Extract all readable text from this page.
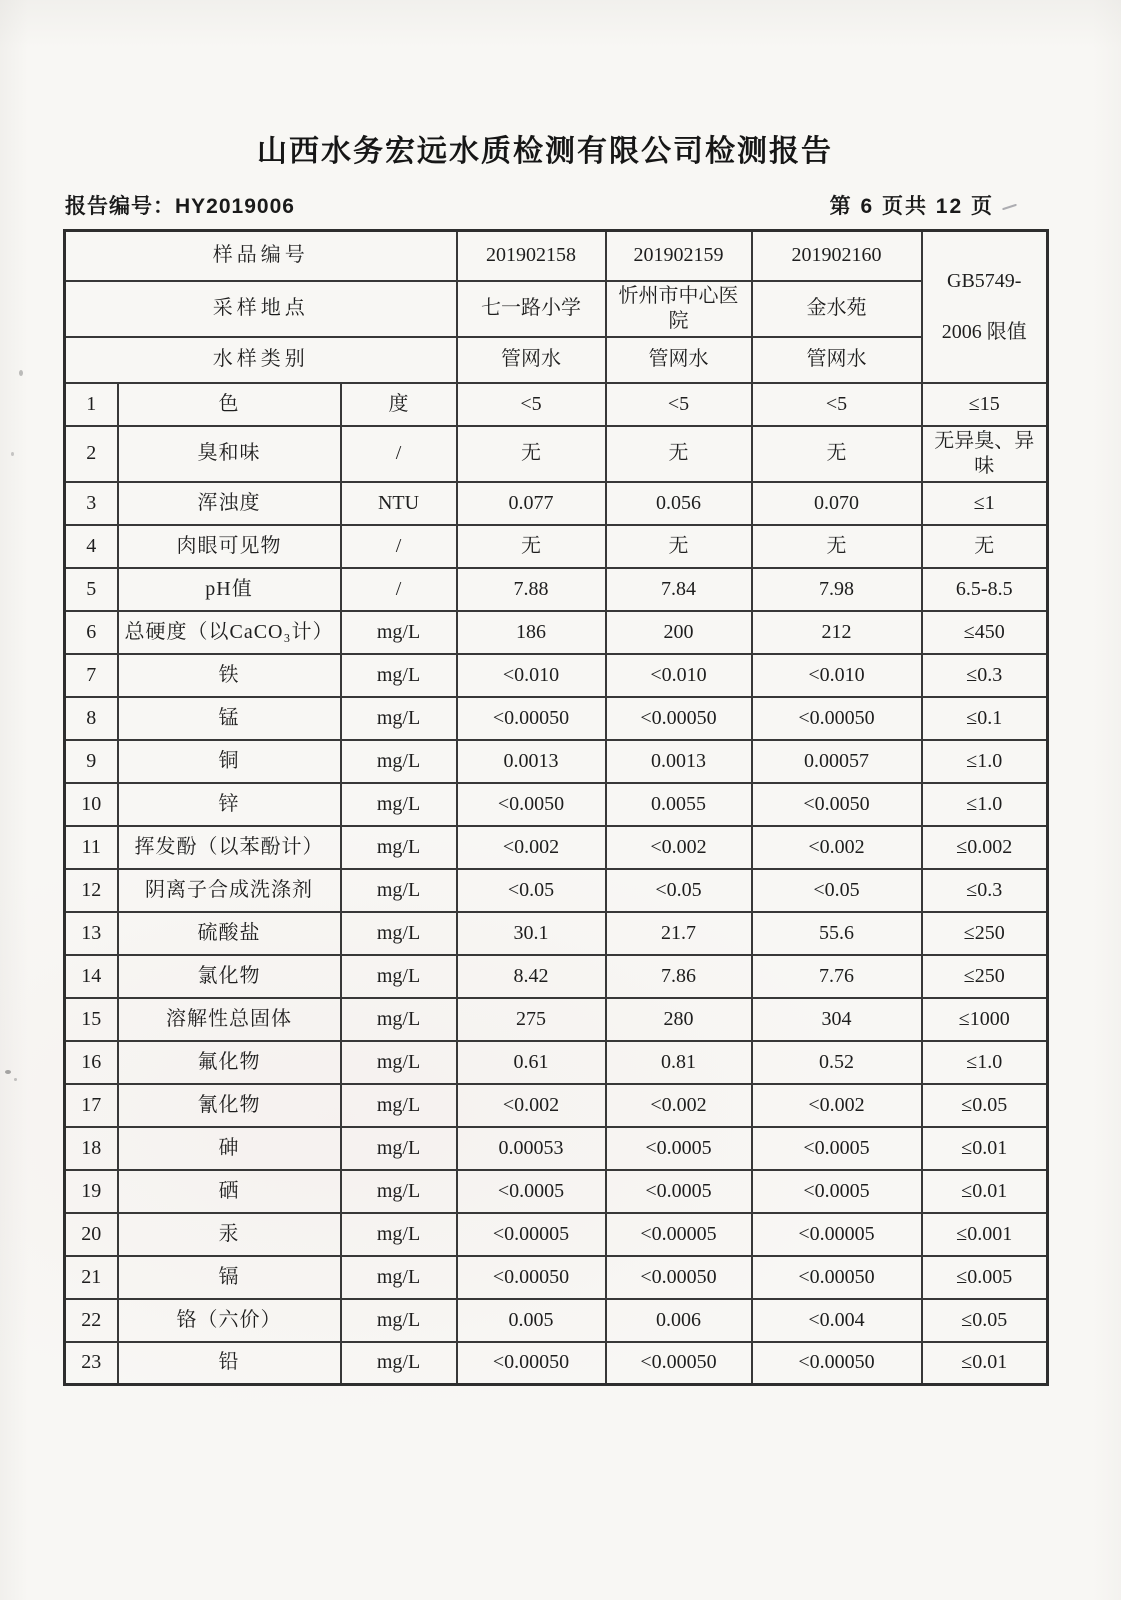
山西水务宏远水质检测有限公司检测报告
报告编号：HY2019006	第 6 页共 12 页
样品编号			201902158	201902159	201902160	GB5749-
2006 限值

采样地点			七一路小学	忻州市中心医院	金水苑	
水样类别			管网水	管网水	管网水	
1	色	度	<5	<5	<5	≤15
2	臭和味	/	无	无	无	无异臭、异味
3	浑浊度	NTU	0.077	0.056	0.070	≤1
4	肉眼可见物	/	无	无	无	无
5	pH值	/	7.88	7.84	7.98	6.5-8.5
6	总硬度（以CaCO₃计）	mg/L	186	200	212	≤450
7	铁	mg/L	<0.010	<0.010	<0.010	≤0.3
8	锰	mg/L	<0.00050	<0.00050	<0.00050	≤0.1
9	铜	mg/L	0.0013	0.0013	0.00057	≤1.0
10	锌	mg/L	<0.0050	0.0055	<0.0050	≤1.0
11	挥发酚（以苯酚计）	mg/L	<0.002	<0.002	<0.002	≤0.002
12	阴离子合成洗涤剂	mg/L	<0.05	<0.05	<0.05	≤0.3
13	硫酸盐	mg/L	30.1	21.7	55.6	≤250
14	氯化物	mg/L	8.42	7.86	7.76	≤250
15	溶解性总固体	mg/L	275	280	304	≤1000
16	氟化物	mg/L	0.61	0.81	0.52	≤1.0
17	氰化物	mg/L	<0.002	<0.002	<0.002	≤0.05
18	砷	mg/L	0.00053	<0.0005	<0.0005	≤0.01
19	硒	mg/L	<0.0005	<0.0005	<0.0005	≤0.01
20	汞	mg/L	<0.00005	<0.00005	<0.00005	≤0.001
21	镉	mg/L	<0.00050	<0.00050	<0.00050	≤0.005
22	铬（六价）	mg/L	0.005	0.006	<0.004	≤0.05
23	铅	mg/L	<0.00050	<0.00050	<0.00050	≤0.01
